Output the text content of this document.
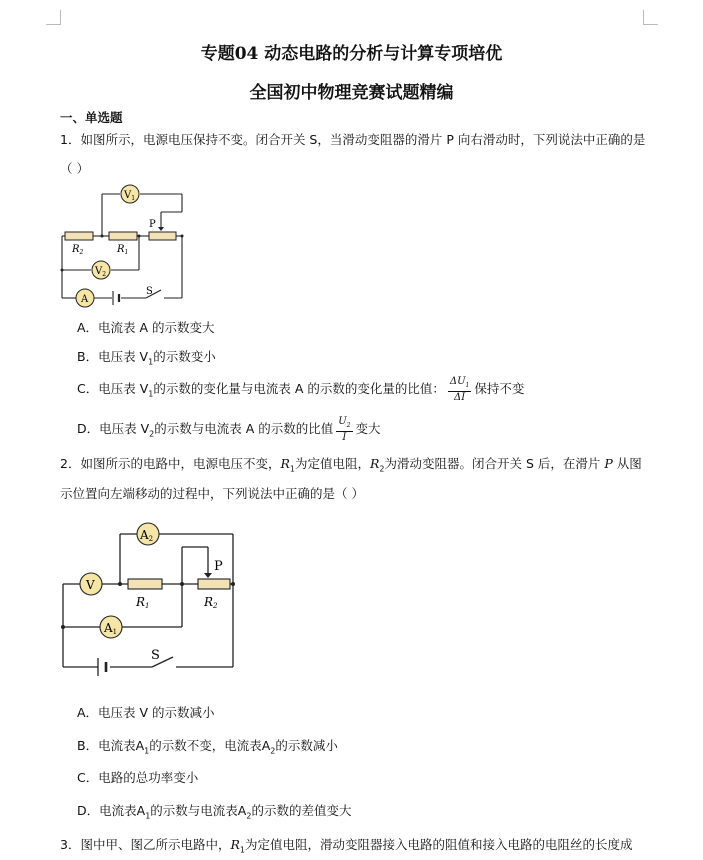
专题04 动态电路的分析与计算专项培优
全国初中物理竞赛试题精编
一、单选题
1．如图所示，电源电压保持不变。闭合开关 S，当滑动变阻器的滑片 P 向右滑动时，下列说法中正确的是
（ ）
$V_1$
$V_2$
A
P
S
$R_2$	$R_1$
A．电流表 A 的示数变大
B．电压表 $V_1$的示数变小
C．电压表 $V_1$的示数的变化量与电流表 A 的示数的变化量的比值： $\frac{\Delta U_1}{\Delta I}$ 保持不变
D．电压表 $V_2$的示数与电流表 A 的示数的比值 $\frac{U_2}{I}$ 变大
2．如图所示的电路中，电源电压不变，$R_1$为定值电阻，$R_2$为滑动变阻器。闭合开关 S 后，在滑片 P 从图
示位置向左端移动的过程中，下列说法中正确的是（ ）
A2
V
A1
P
S
R1	R2
A．电压表 V 的示数减小
B．电流表$A_1$的示数不变，电流表$A_2$的示数减小
C．电路的总功率变小
D．电流表$A_1$的示数与电流表$A_2$的示数的差值变大
3．图中甲、图乙所示电路中，$R_1$为定值电阻，滑动变阻器接入电路的阻值和接入电路的电阻丝的长度成
